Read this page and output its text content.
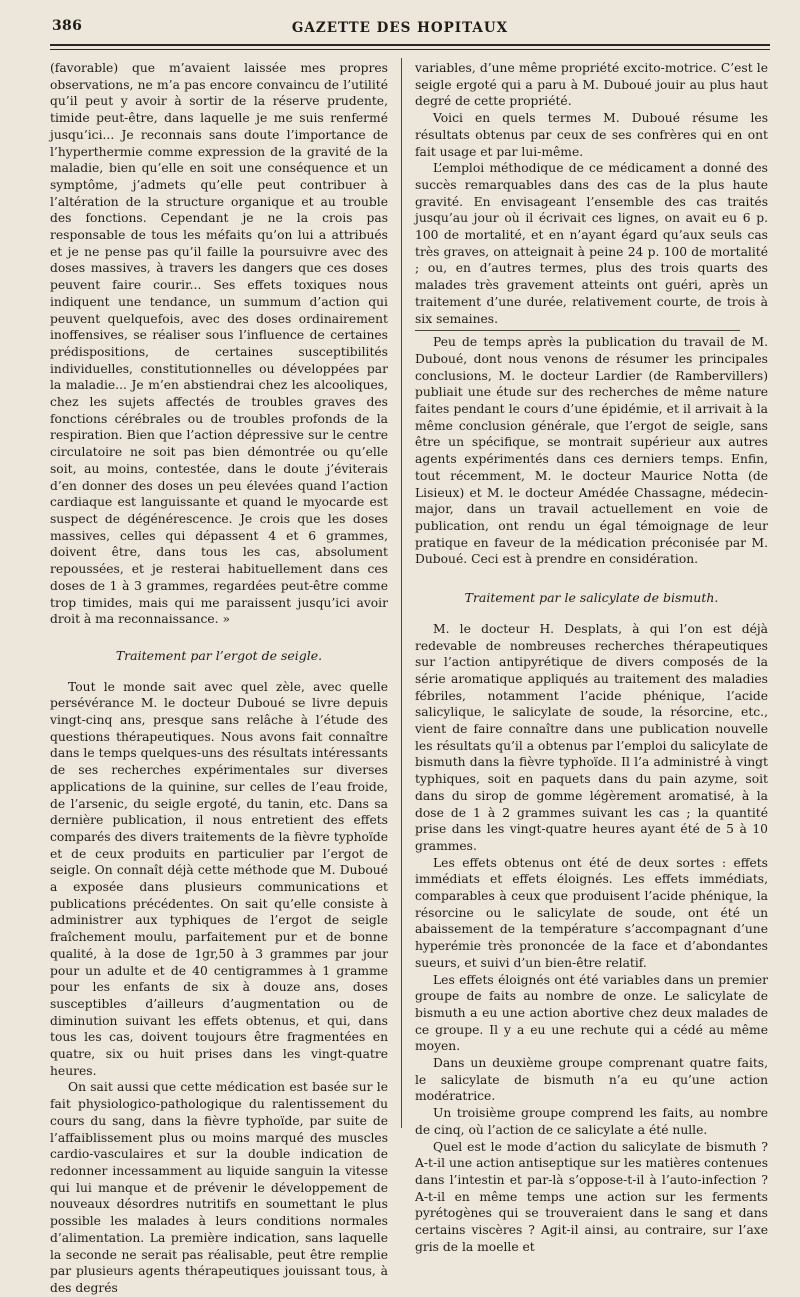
386	GAZETTE DES HOPITAUX

(favorable) que m’avaient laissée mes propres observations, ne m’a pas encore convaincu de l’utilité qu’il peut y avoir à sortir de la réserve prudente, timide peut-être, dans laquelle je me suis renfermé jusqu’ici... Je reconnais sans doute l’importance de l’hyperthermie comme expression de la gravité de la maladie, bien qu’elle en soit une conséquence et un symptôme, j’admets qu’elle peut contribuer à l’altération de la structure organique et au trouble des fonctions. Cependant je ne la crois pas responsable de tous les méfaits qu’on lui a attribués et je ne pense pas qu’il faille la poursuivre avec des doses massives, à travers les dangers que ces doses peuvent faire courir... Ses effets toxiques nous indiquent une tendance, un summum d’action qui peuvent quelquefois, avec des doses ordinairement inoffensives, se réaliser sous l’influence de certaines prédispositions, de certaines susceptibilités individuelles, constitutionnelles ou développées par la maladie... Je m’en abstiendrai chez les alcooliques, chez les sujets affectés de troubles graves des fonctions cérébrales ou de troubles profonds de la respiration. Bien que l’action dépressive sur le centre circulatoire ne soit pas bien démontrée ou qu’elle soit, au moins, contestée, dans le doute j’éviterais d’en donner des doses un peu élevées quand l’action cardiaque est languissante et quand le myocarde est suspect de dégénérescence. Je crois que les doses massives, celles qui dépassent 4 et 6 grammes, doivent être, dans tous les cas, absolument repoussées, et je resterai habituellement dans ces doses de 1 à 3 grammes, regardées peut-être comme trop timides, mais qui me paraissent jusqu’ici avoir droit à ma reconnaissance. »

Traitement par l’ergot de seigle.

Tout le monde sait avec quel zèle, avec quelle persévérance M. le docteur Duboué se livre depuis vingt-cinq ans, presque sans relâche à l’étude des questions thérapeutiques. Nous avons fait connaître dans le temps quelques-uns des résultats intéressants de ses recherches expérimentales sur diverses applications de la quinine, sur celles de l’eau froide, de l’arsenic, du seigle ergoté, du tanin, etc. Dans sa dernière publication, il nous entretient des effets comparés des divers traitements de la fièvre typhoïde et de ceux produits en particulier par l’ergot de seigle. On connaît déjà cette méthode que M. Duboué a exposée dans plusieurs communications et publications précédentes. On sait qu’elle consiste à administrer aux typhiques de l’ergot de seigle fraîchement moulu, parfaitement pur et de bonne qualité, à la dose de 1gr,50 à 3 grammes par jour pour un adulte et de 40 centigrammes à 1 gramme pour les enfants de six à douze ans, doses susceptibles d’ailleurs d’augmentation ou de diminution suivant les effets obtenus, et qui, dans tous les cas, doivent toujours être fragmentées en quatre, six ou huit prises dans les vingt-quatre heures.

On sait aussi que cette médication est basée sur le fait physiologico-pathologique du ralentissement du cours du sang, dans la fièvre typhoïde, par suite de l’affaiblissement plus ou moins marqué des muscles cardio-vasculaires et sur la double indication de redonner incessamment au liquide sanguin la vitesse qui lui manque et de prévenir le développement de nouveaux désordres nutritifs en soumettant le plus possible les malades à leurs conditions normales d’alimentation. La première indication, sans laquelle la seconde ne serait pas réalisable, peut être remplie par plusieurs agents thérapeutiques jouissant tous, à des degrés

variables, d’une même propriété excito-motrice. C’est le seigle ergoté qui a paru à M. Duboué jouir au plus haut degré de cette propriété.

Voici en quels termes M. Duboué résume les résultats obtenus par ceux de ses confrères qui en ont fait usage et par lui-même.

L’emploi méthodique de ce médicament a donné des succès remarquables dans des cas de la plus haute gravité. En envisageant l’ensemble des cas traités jusqu’au jour où il écrivait ces lignes, on avait eu 6 p. 100 de mortalité, et en n’ayant égard qu’aux seuls cas très graves, on atteignait à peine 24 p. 100 de mortalité ; ou, en d’autres termes, plus des trois quarts des malades très gravement atteints ont guéri, après un traitement d’une durée, relativement courte, de trois à six semaines.

Peu de temps après la publication du travail de M. Duboué, dont nous venons de résumer les principales conclusions, M. le docteur Lardier (de Rambervillers) publiait une étude sur des recherches de même nature faites pendant le cours d’une épidémie, et il arrivait à la même conclusion générale, que l’ergot de seigle, sans être un spécifique, se montrait supérieur aux autres agents expérimentés dans ces derniers temps. Enfin, tout récemment, M. le docteur Maurice Notta (de Lisieux) et M. le docteur Amédée Chassagne, médecin-major, dans un travail actuellement en voie de publication, ont rendu un égal témoignage de leur pratique en faveur de la médication préconisée par M. Duboué. Ceci est à prendre en considération.

Traitement par le salicylate de bismuth.

M. le docteur H. Desplats, à qui l’on est déjà redevable de nombreuses recherches thérapeutiques sur l’action antipyrétique de divers composés de la série aromatique appliqués au traitement des maladies fébriles, notamment l’acide phénique, l’acide salicylique, le salicylate de soude, la résorcine, etc., vient de faire connaître dans une publication nouvelle les résultats qu’il a obtenus par l’emploi du salicylate de bismuth dans la fièvre typhoïde. Il l’a administré à vingt typhiques, soit en paquets dans du pain azyme, soit dans du sirop de gomme légèrement aromatisé, à la dose de 1 à 2 grammes suivant les cas ; la quantité prise dans les vingt-quatre heures ayant été de 5 à 10 grammes.

Les effets obtenus ont été de deux sortes : effets immédiats et effets éloignés. Les effets immédiats, comparables à ceux que produisent l’acide phénique, la résorcine ou le salicylate de soude, ont été un abaissement de la température s’accompagnant d’une hyperémie très prononcée de la face et d’abondantes sueurs, et suivi d’un bien-être relatif.

Les effets éloignés ont été variables dans un premier groupe de faits au nombre de onze. Le salicylate de bismuth a eu une action abortive chez deux malades de ce groupe. Il y a eu une rechute qui a cédé au même moyen.

Dans un deuxième groupe comprenant quatre faits, le salicylate de bismuth n’a eu qu’une action modératrice.

Un troisième groupe comprend les faits, au nombre de cinq, où l’action de ce salicylate a été nulle.

Quel est le mode d’action du salicylate de bismuth ? A-t-il une action antiseptique sur les matières contenues dans l’intestin et par-là s’oppose-t-il à l’auto-infection ? A-t-il en même temps une action sur les ferments pyrétogènes qui se trouveraient dans le sang et dans certains viscères ? Agit-il ainsi, au contraire, sur l’axe gris de la moelle et
